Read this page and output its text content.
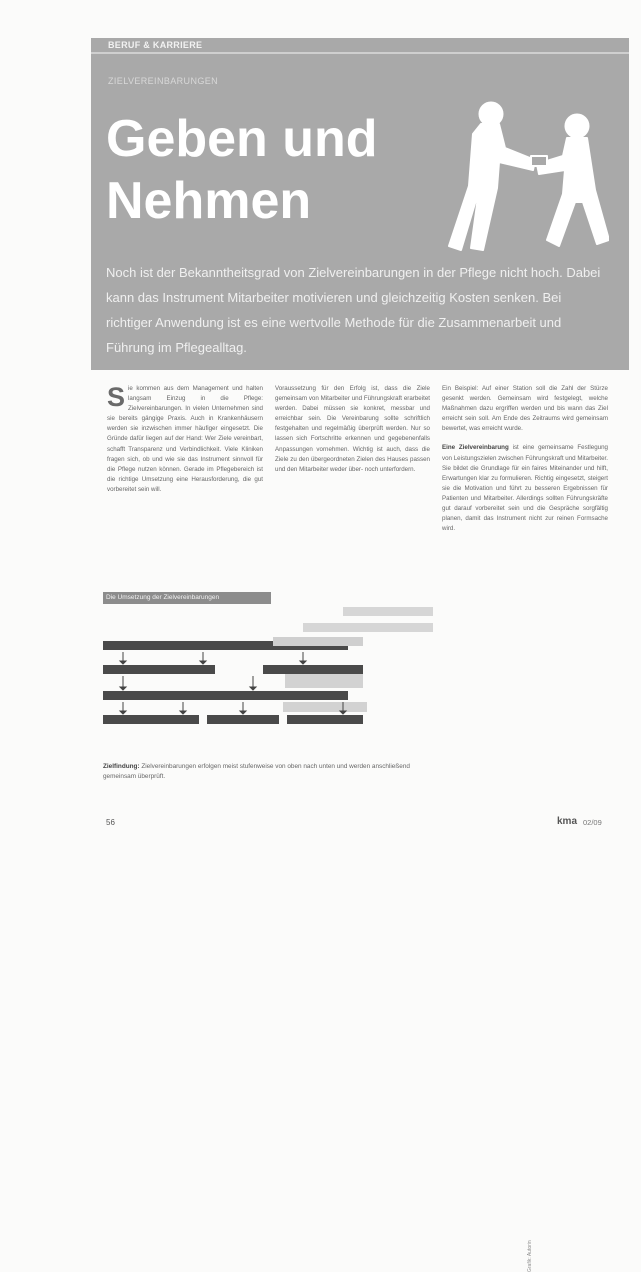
BERUF & KARRIERE
ZIELVEREINBARUNGEN
Geben und
Nehmen
Noch ist der Bekanntheitsgrad von Zielvereinbarungen in der Pflege nicht hoch. Dabei kann das Instrument Mitarbeiter motivieren und gleichzeitig Kosten senken. Bei richtiger Anwendung ist es eine wertvolle Methode für die Zusammenarbeit und Führung im Pflegealltag.
S ie kommen aus dem Management und halten langsam Einzug in die Pflege: Zielvereinbarungen. In vielen Unternehmen sind sie bereits gängige Praxis. Auch in Krankenhäusern werden sie inzwischen immer häufiger eingesetzt. Die Gründe dafür liegen auf der Hand: Wer Ziele vereinbart, schafft Transparenz und Verbindlichkeit. Viele Kliniken fragen sich, ob und wie sie das Instrument sinnvoll für die Pflege nutzen können. Gerade im Pflegebereich ist die richtige Umsetzung eine Herausforderung, die gut vorbereitet sein will.
Voraussetzung für den Erfolg ist, dass die Ziele gemeinsam von Mitarbeiter und Führungskraft erarbeitet werden. Dabei müssen sie konkret, messbar und erreichbar sein. Die Vereinbarung sollte schriftlich festgehalten und regelmäßig überprüft werden. Nur so lassen sich Fortschritte erkennen und gegebenenfalls Anpassungen vornehmen. Wichtig ist auch, dass die Ziele zu den übergeordneten Zielen des Hauses passen und den Mitarbeiter weder über- noch unterfordern.

Ein Beispiel: Auf einer Station soll die Zahl der Stürze gesenkt werden. Gemeinsam wird festgelegt, welche Maßnahmen dazu ergriffen werden und bis wann das Ziel erreicht sein soll. Am Ende des Zeitraums wird gemeinsam bewertet, was erreicht wurde.

Eine Zielvereinbarung ist eine gemeinsame Festlegung von Leistungszielen zwischen Führungskraft und Mitarbeiter. Sie bildet die Grundlage für ein faires Miteinander und hilft, Erwartungen klar zu formulieren. Richtig eingesetzt, steigert sie die Motivation und führt zu besseren Ergebnissen für Patienten und Mitarbeiter. Allerdings sollten Führungskräfte gut darauf vorbereitet sein und die Gespräche sorgfältig planen, damit das Instrument nicht zur reinen Formsache wird.

Die Umsetzung der Zielvereinbarungen
Grafik: Autorin
Zielfindung: Zielvereinbarungen erfolgen meist stufenweise von oben nach unten und werden anschließend gemeinsam überprüft.
56	kma 02/09
